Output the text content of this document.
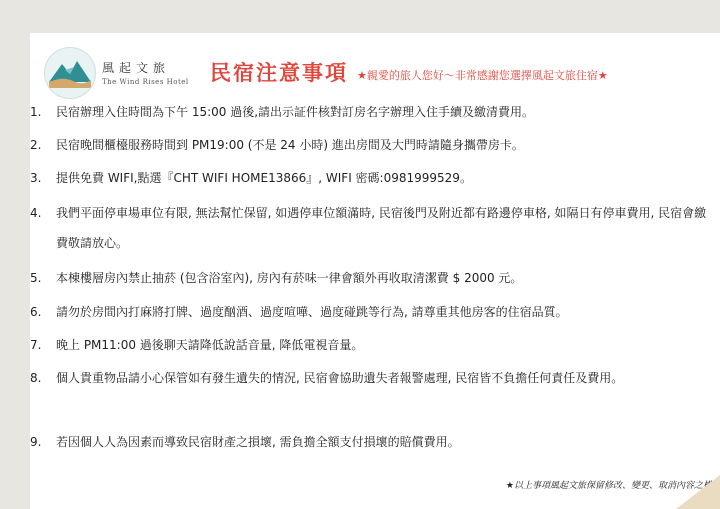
風起文旅
The Wind Rises Hotel 民宿注意事項 ★親愛的旅人您好～非常感謝您選擇風起文旅住宿★
1.	民宿辦理入住時間為下午 15:00 過後,請出示証件核對訂房名字辦理入住手續及繳清費用。
2.	民宿晚間櫃檯服務時間到 PM19:00 (不是 24 小時) 進出房間及大門時請隨身攜帶房卡。
3.	提供免費 WIFI,點選『CHT WIFI HOME13866』, WIFI 密碼:0981999529。
4.	我們平面停車場車位有限, 無法幫忙保留, 如遇停車位額滿時, 民宿後門及附近都有路邊停車格, 如隔日有停車費用, 民宿會繳費敬請放心。
5.	本棟樓層房內禁止抽菸 (包含浴室內), 房內有菸味一律會額外再收取清潔費 $ 2000 元。
6.	請勿於房間內打麻將打牌、過度酗酒、過度喧嘩、過度碰跳等行為, 請尊重其他房客的住宿品質。
7.	晚上 PM11:00 過後聊天請降低說話音量, 降低電視音量。
8.	個人貴重物品請小心保管如有發生遺失的情況, 民宿會協助遺失者報警處理, 民宿皆不負擔任何責任及費用。
9.	若因個人人為因素而導致民宿財產之損壞, 需負擔全額支付損壞的賠償費用。
★以上事項風起文旅保留修改、變更、取消內容之權
